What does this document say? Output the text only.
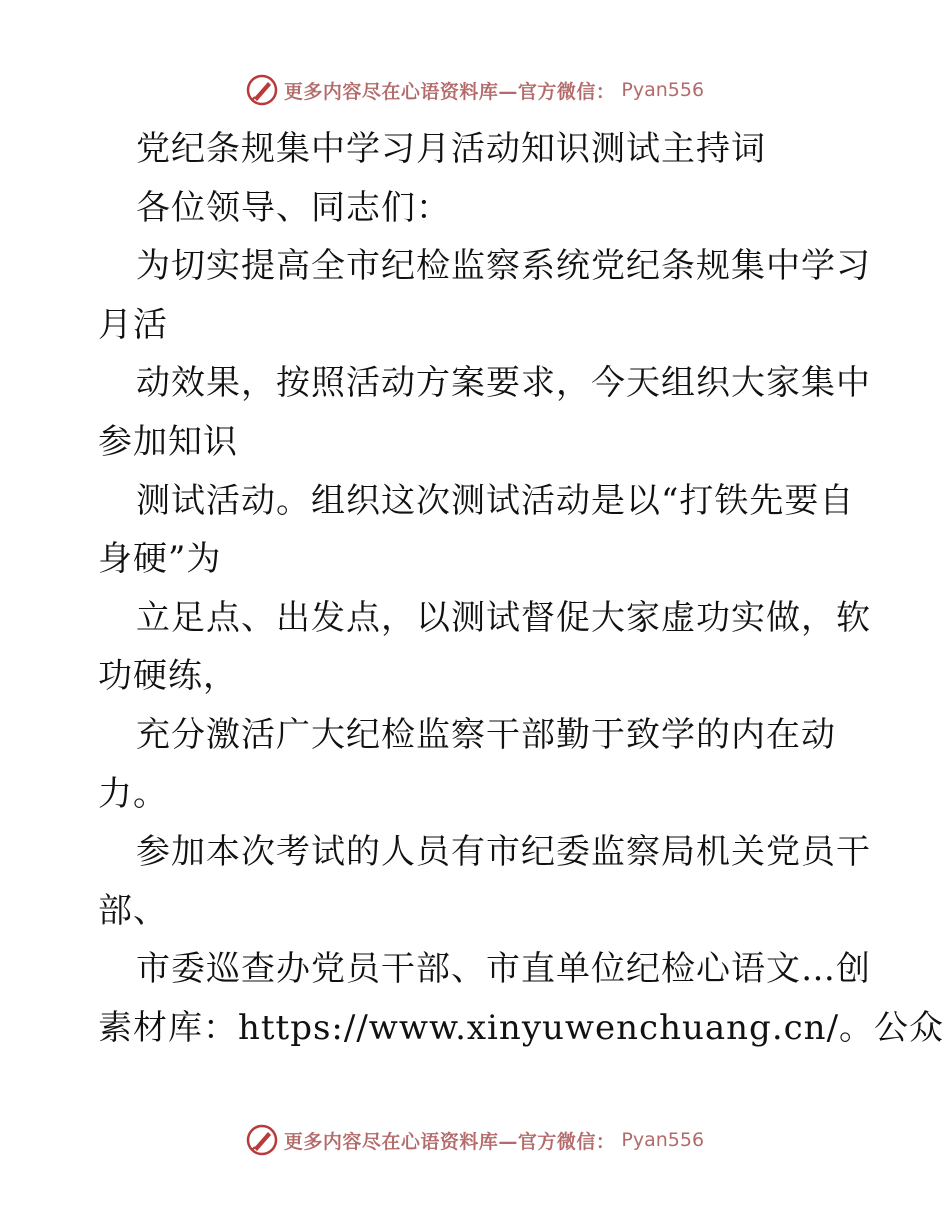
更多内容尽在心语资料库—官方微信： Pyan556
党纪条规集中学习月活动知识测试主持词
各位领导、同志们：
为切实提高全市纪检监察系统党纪条规集中学习
月活
动效果，按照活动方案要求，今天组织大家集中
参加知识
测试活动。组织这次测试活动是以“打铁先要自
身硬”为
立足点、出发点，以测试督促大家虚功实做，软
功硬练，
充分激活广大纪检监察干部勤于致学的内在动
力。
参加本次考试的人员有市纪委监察局机关党员干
部、
市委巡查办党员干部、市直单位纪检心语文…创
素材库：https://www.xinyuwenchuang.cn/。公众
更多内容尽在心语资料库—官方微信： Pyan556
